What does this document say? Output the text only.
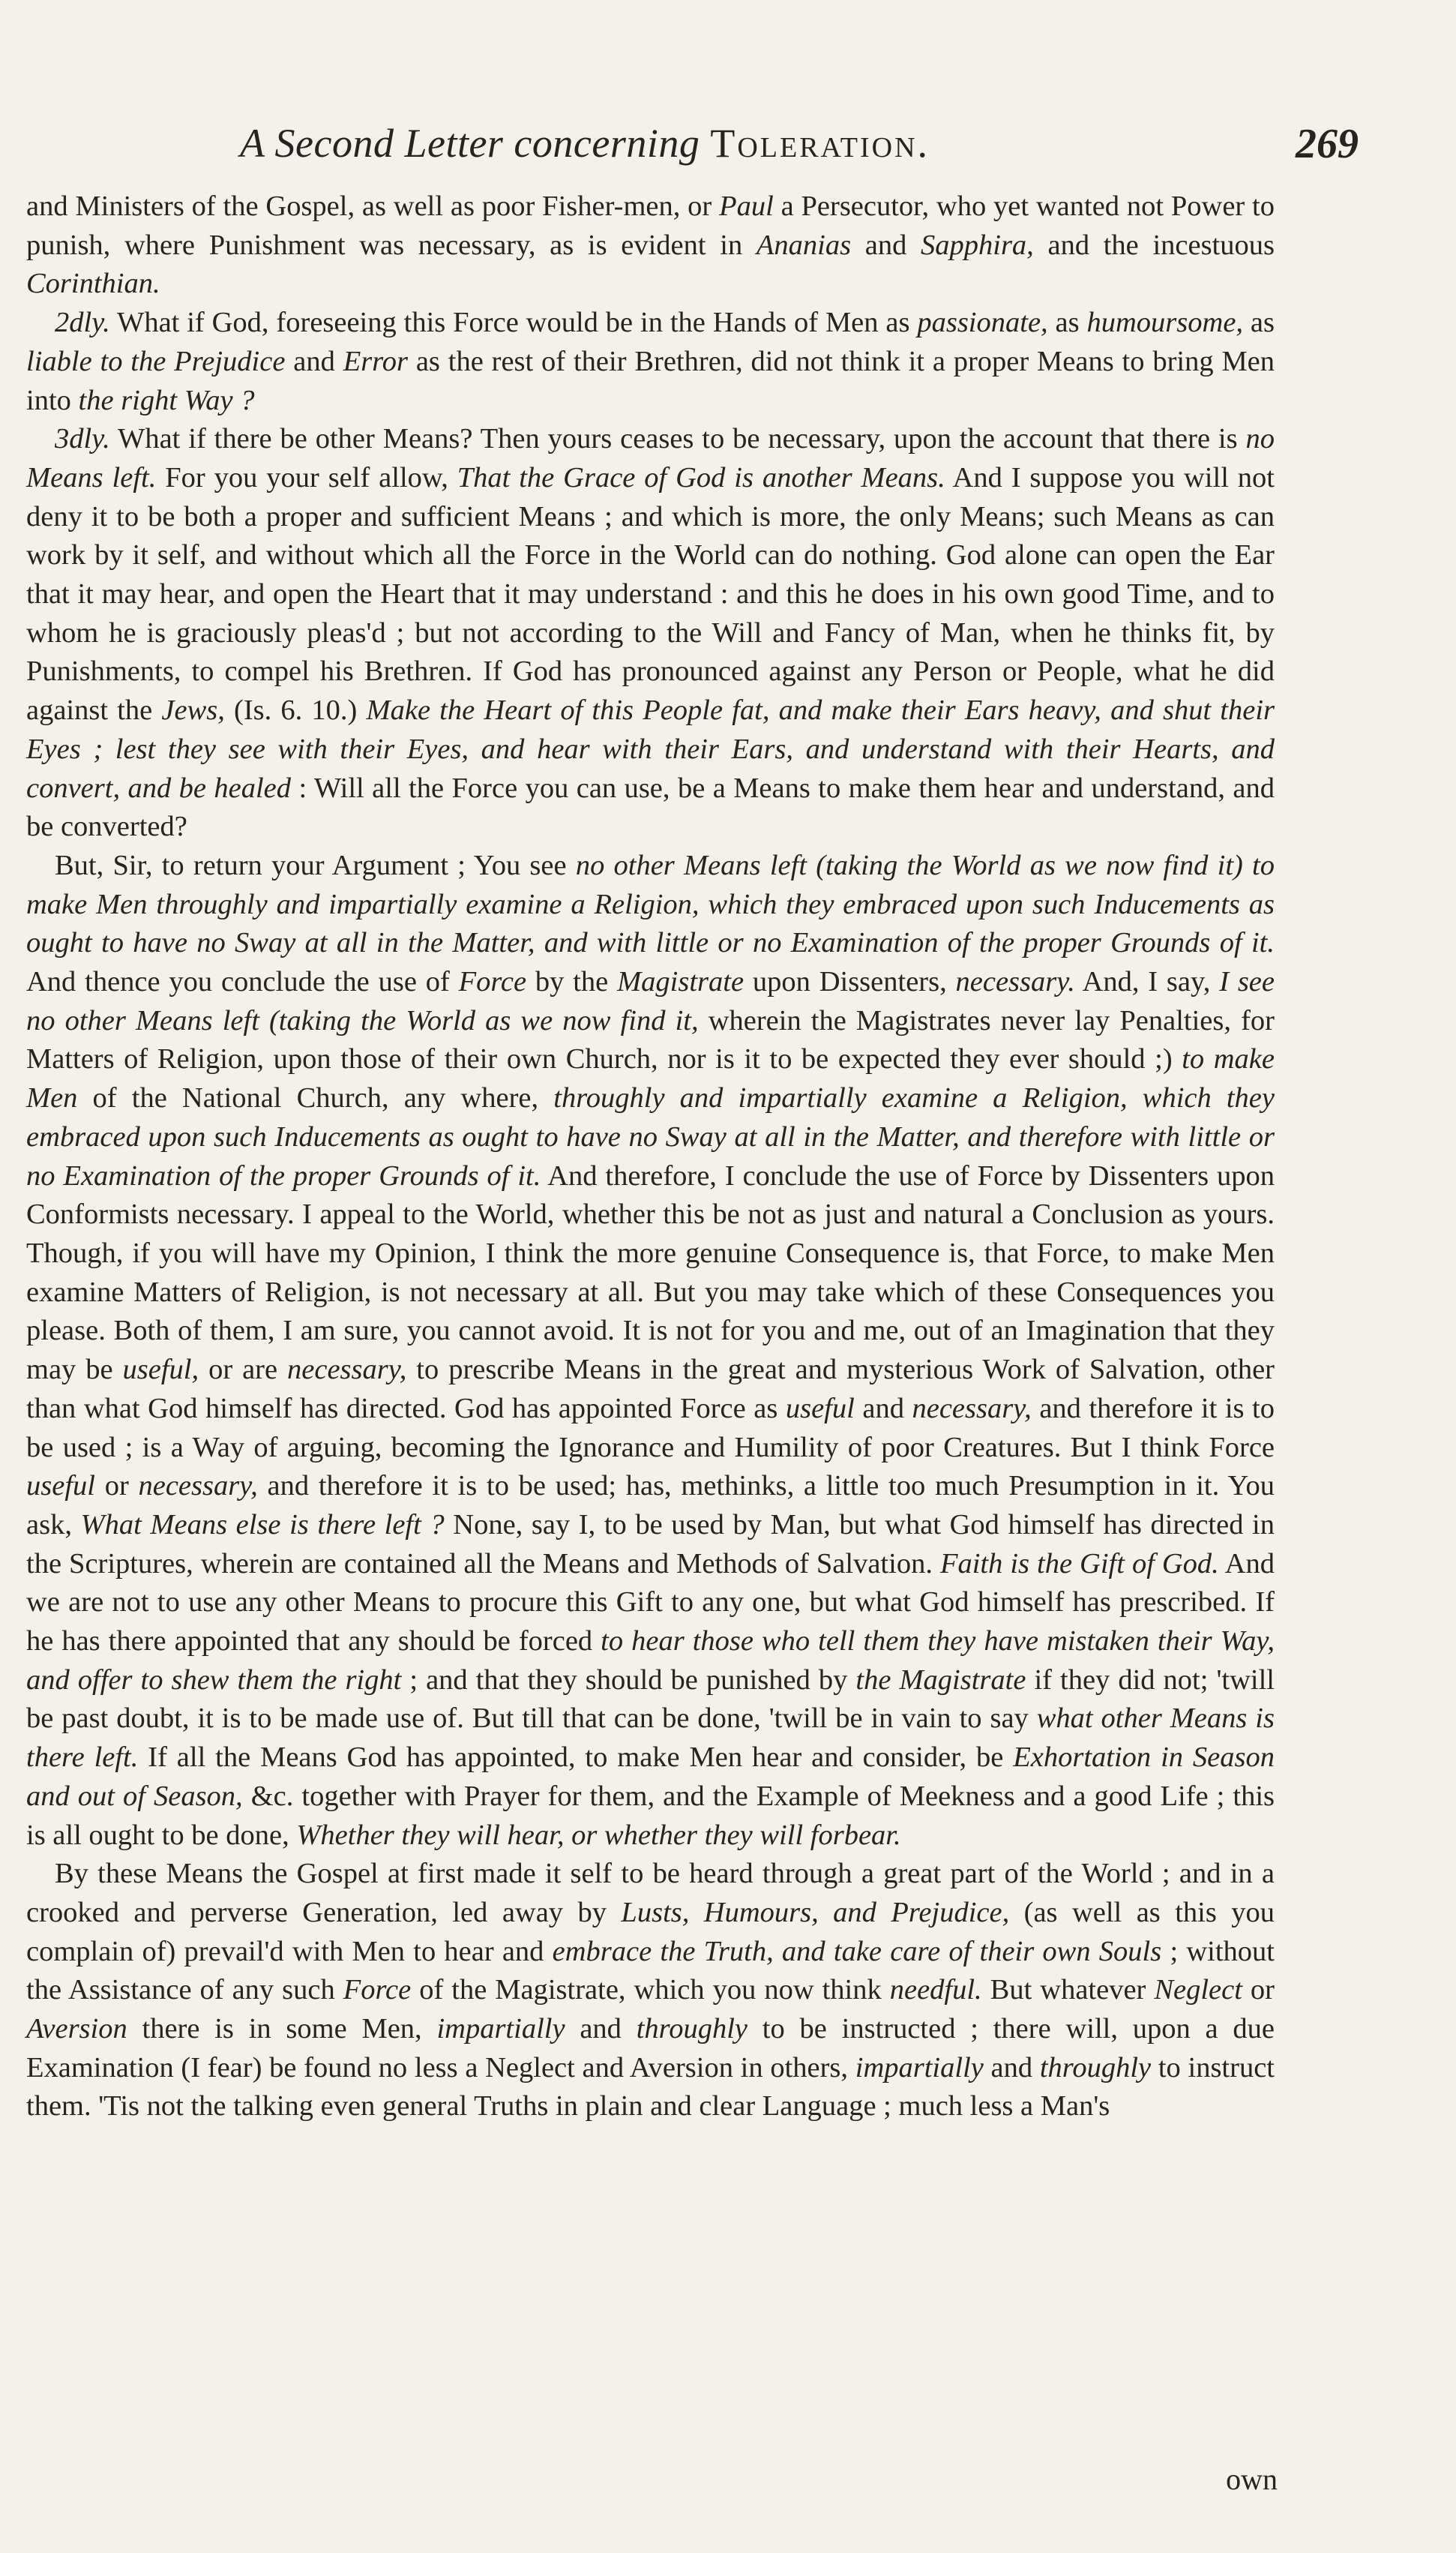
A Second Letter concerning Toleration.	269

and Ministers of the Gospel, as well as poor Fisher-men, or Paul a Persecutor, who yet wanted not Power to punish, where Punishment was necessary, as is evident in Ananias and Sapphira, and the incestuous Corinthian.

2dly. What if God, foreseeing this Force would be in the Hands of Men as passionate, as humoursome, as liable to the Prejudice and Error as the rest of their Brethren, did not think it a proper Means to bring Men into the right Way ?

3dly. What if there be other Means? Then yours ceases to be necessary, upon the account that there is no Means left. For you your self allow, That the Grace of God is another Means. And I suppose you will not deny it to be both a proper and sufficient Means ; and which is more, the only Means; such Means as can work by it self, and without which all the Force in the World can do nothing. God alone can open the Ear that it may hear, and open the Heart that it may understand : and this he does in his own good Time, and to whom he is graciously pleas'd ; but not according to the Will and Fancy of Man, when he thinks fit, by Punishments, to compel his Brethren. If God has pronounced against any Person or People, what he did against the Jews, (Is. 6. 10.) Make the Heart of this People fat, and make their Ears heavy, and shut their Eyes ; lest they see with their Eyes, and hear with their Ears, and understand with their Hearts, and convert, and be healed : Will all the Force you can use, be a Means to make them hear and understand, and be converted?

But, Sir, to return your Argument ; You see no other Means left (taking the World as we now find it) to make Men throughly and impartially examine a Religion, which they embraced upon such Inducements as ought to have no Sway at all in the Matter, and with little or no Examination of the proper Grounds of it. And thence you conclude the use of Force by the Magistrate upon Dissenters, necessary. And, I say, I see no other Means left (taking the World as we now find it, wherein the Magistrates never lay Penalties, for Matters of Religion, upon those of their own Church, nor is it to be expected they ever should ;) to make Men of the National Church, any where, throughly and impartially examine a Religion, which they embraced upon such Inducements as ought to have no Sway at all in the Matter, and therefore with little or no Examination of the proper Grounds of it. And therefore, I conclude the use of Force by Dissenters upon Conformists necessary. I appeal to the World, whether this be not as just and natural a Conclusion as yours. Though, if you will have my Opinion, I think the more genuine Consequence is, that Force, to make Men examine Matters of Religion, is not necessary at all. But you may take which of these Consequences you please. Both of them, I am sure, you cannot avoid. It is not for you and me, out of an Imagination that they may be useful, or are necessary, to prescribe Means in the great and mysterious Work of Salvation, other than what God himself has directed. God has appointed Force as useful and necessary, and therefore it is to be used ; is a Way of arguing, becoming the Ignorance and Humility of poor Creatures. But I think Force useful or necessary, and therefore it is to be used; has, methinks, a little too much Presumption in it. You ask, What Means else is there left ? None, say I, to be used by Man, but what God himself has directed in the Scriptures, wherein are contained all the Means and Methods of Salvation. Faith is the Gift of God. And we are not to use any other Means to procure this Gift to any one, but what God himself has prescribed. If he has there appointed that any should be forced to hear those who tell them they have mistaken their Way, and offer to shew them the right ; and that they should be punished by the Magistrate if they did not; 'twill be past doubt, it is to be made use of. But till that can be done, 'twill be in vain to say what other Means is there left. If all the Means God has appointed, to make Men hear and consider, be Exhortation in Season and out of Season, &c. together with Prayer for them, and the Example of Meekness and a good Life ; this is all ought to be done, Whether they will hear, or whether they will forbear.

By these Means the Gospel at first made it self to be heard through a great part of the World ; and in a crooked and perverse Generation, led away by Lusts, Humours, and Prejudice, (as well as this you complain of) prevail'd with Men to hear and embrace the Truth, and take care of their own Souls ; without the Assistance of any such Force of the Magistrate, which you now think needful. But whatever Neglect or Aversion there is in some Men, impartially and throughly to be instructed ; there will, upon a due Examination (I fear) be found no less a Neglect and Aversion in others, impartially and throughly to instruct them. 'Tis not the talking even general Truths in plain and clear Language ; much less a Man's

own
